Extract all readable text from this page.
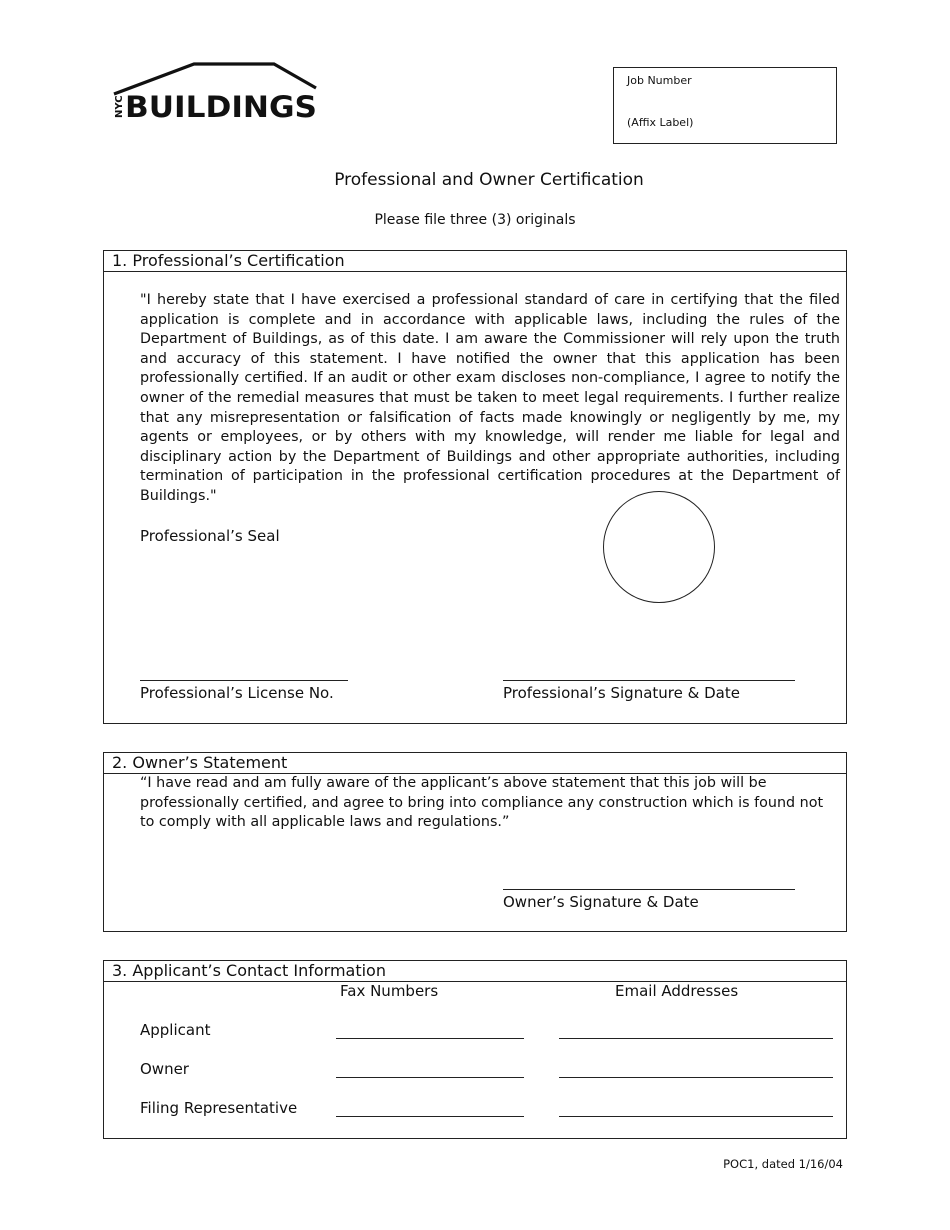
NYC BUILDINGS
Job Number
(Affix Label)
Professional and Owner Certification
Please file three (3) originals
1. Professional’s Certification
"I hereby state that I have exercised a professional standard of care in certifying that the filed application is complete and in accordance with applicable laws, including the rules of the Department of Buildings, as of this date. I am aware the Commissioner will rely upon the truth and accuracy of this statement. I have notified the owner that this application has been professionally certified. If an audit or other exam discloses non-compliance, I agree to notify the owner of the remedial measures that must be taken to meet legal requirements. I further realize that any misrepresentation or falsification of facts made knowingly or negligently by me, my agents or employees, or by others with my knowledge, will render me liable for legal and disciplinary action by the Department of Buildings and other appropriate authorities, including termination of participation in the professional certification procedures at the Department of Buildings."
Professional’s Seal
Professional’s License No.	Professional’s Signature & Date
2. Owner’s Statement
“I have read and am fully aware of the applicant’s above statement that this job will be professionally certified, and agree to bring into compliance any construction which is found not to comply with all applicable laws and regulations.”
Owner’s Signature & Date
3. Applicant’s Contact Information
Fax Numbers	Email Addresses
Applicant
Owner
Filing Representative
POC1, dated 1/16/04
